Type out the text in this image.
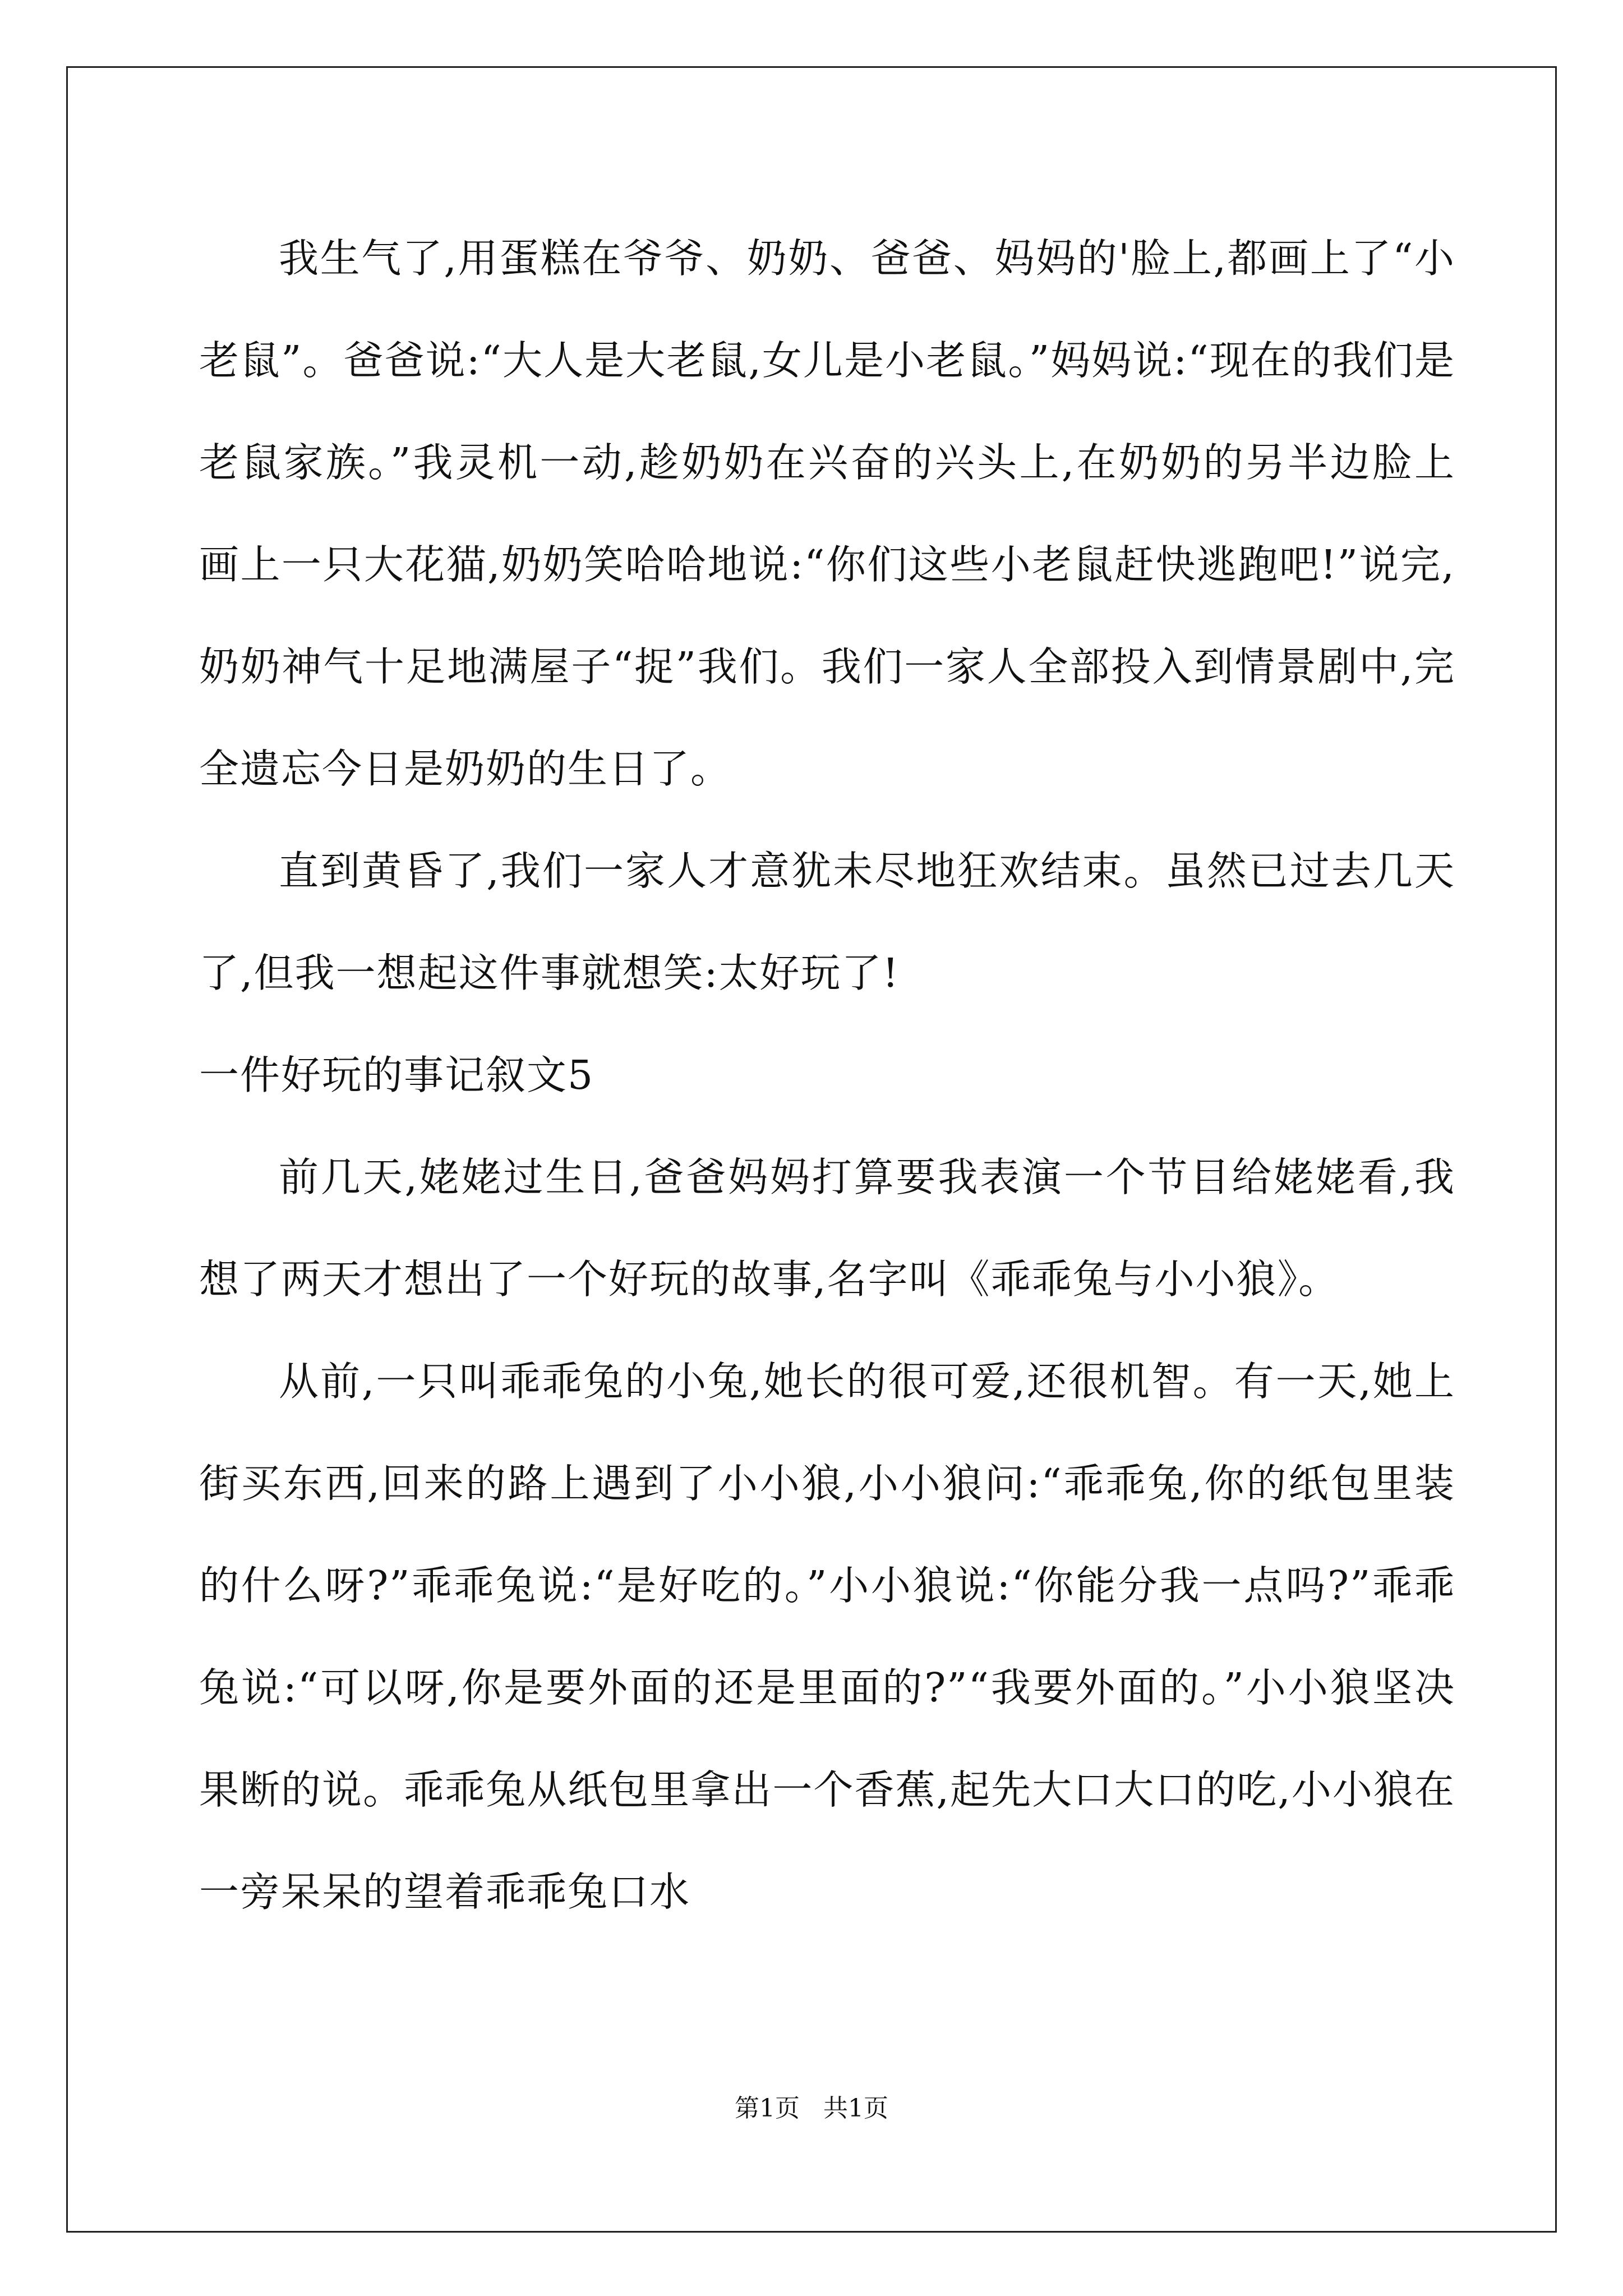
我生气了,用蛋糕在爷爷、奶奶、爸爸、妈妈的'脸上,都画上了“小老鼠”。爸爸说:“大人是大老鼠,女儿是小老鼠。”妈妈说:“现在的我们是老鼠家族。”我灵机一动,趁奶奶在兴奋的兴头上,在奶奶的另半边脸上画上一只大花猫,奶奶笑哈哈地说:“你们这些小老鼠赶快逃跑吧!”说完,奶奶神气十足地满屋子“捉”我们。我们一家人全部投入到情景剧中,完全遗忘今日是奶奶的生日了。

直到黄昏了,我们一家人才意犹未尽地狂欢结束。虽然已过去几天了,但我一想起这件事就想笑:太好玩了!

一件好玩的事记叙文5

前几天,姥姥过生日,爸爸妈妈打算要我表演一个节目给姥姥看,我想了两天才想出了一个好玩的故事,名字叫《乖乖兔与小小狼》。

从前,一只叫乖乖兔的小兔,她长的很可爱,还很机智。有一天,她上街买东西,回来的路上遇到了小小狼,小小狼问:“乖乖兔,你的纸包里装的什么呀?”乖乖兔说:“是好吃的。”小小狼说:“你能分我一点吗?”乖乖兔说:“可以呀,你是要外面的还是里面的?”“我要外面的。”小小狼坚决果断的说。乖乖兔从纸包里拿出一个香蕉,起先大口大口的吃,小小狼在一旁呆呆的望着乖乖兔口水

第1页   共1页
